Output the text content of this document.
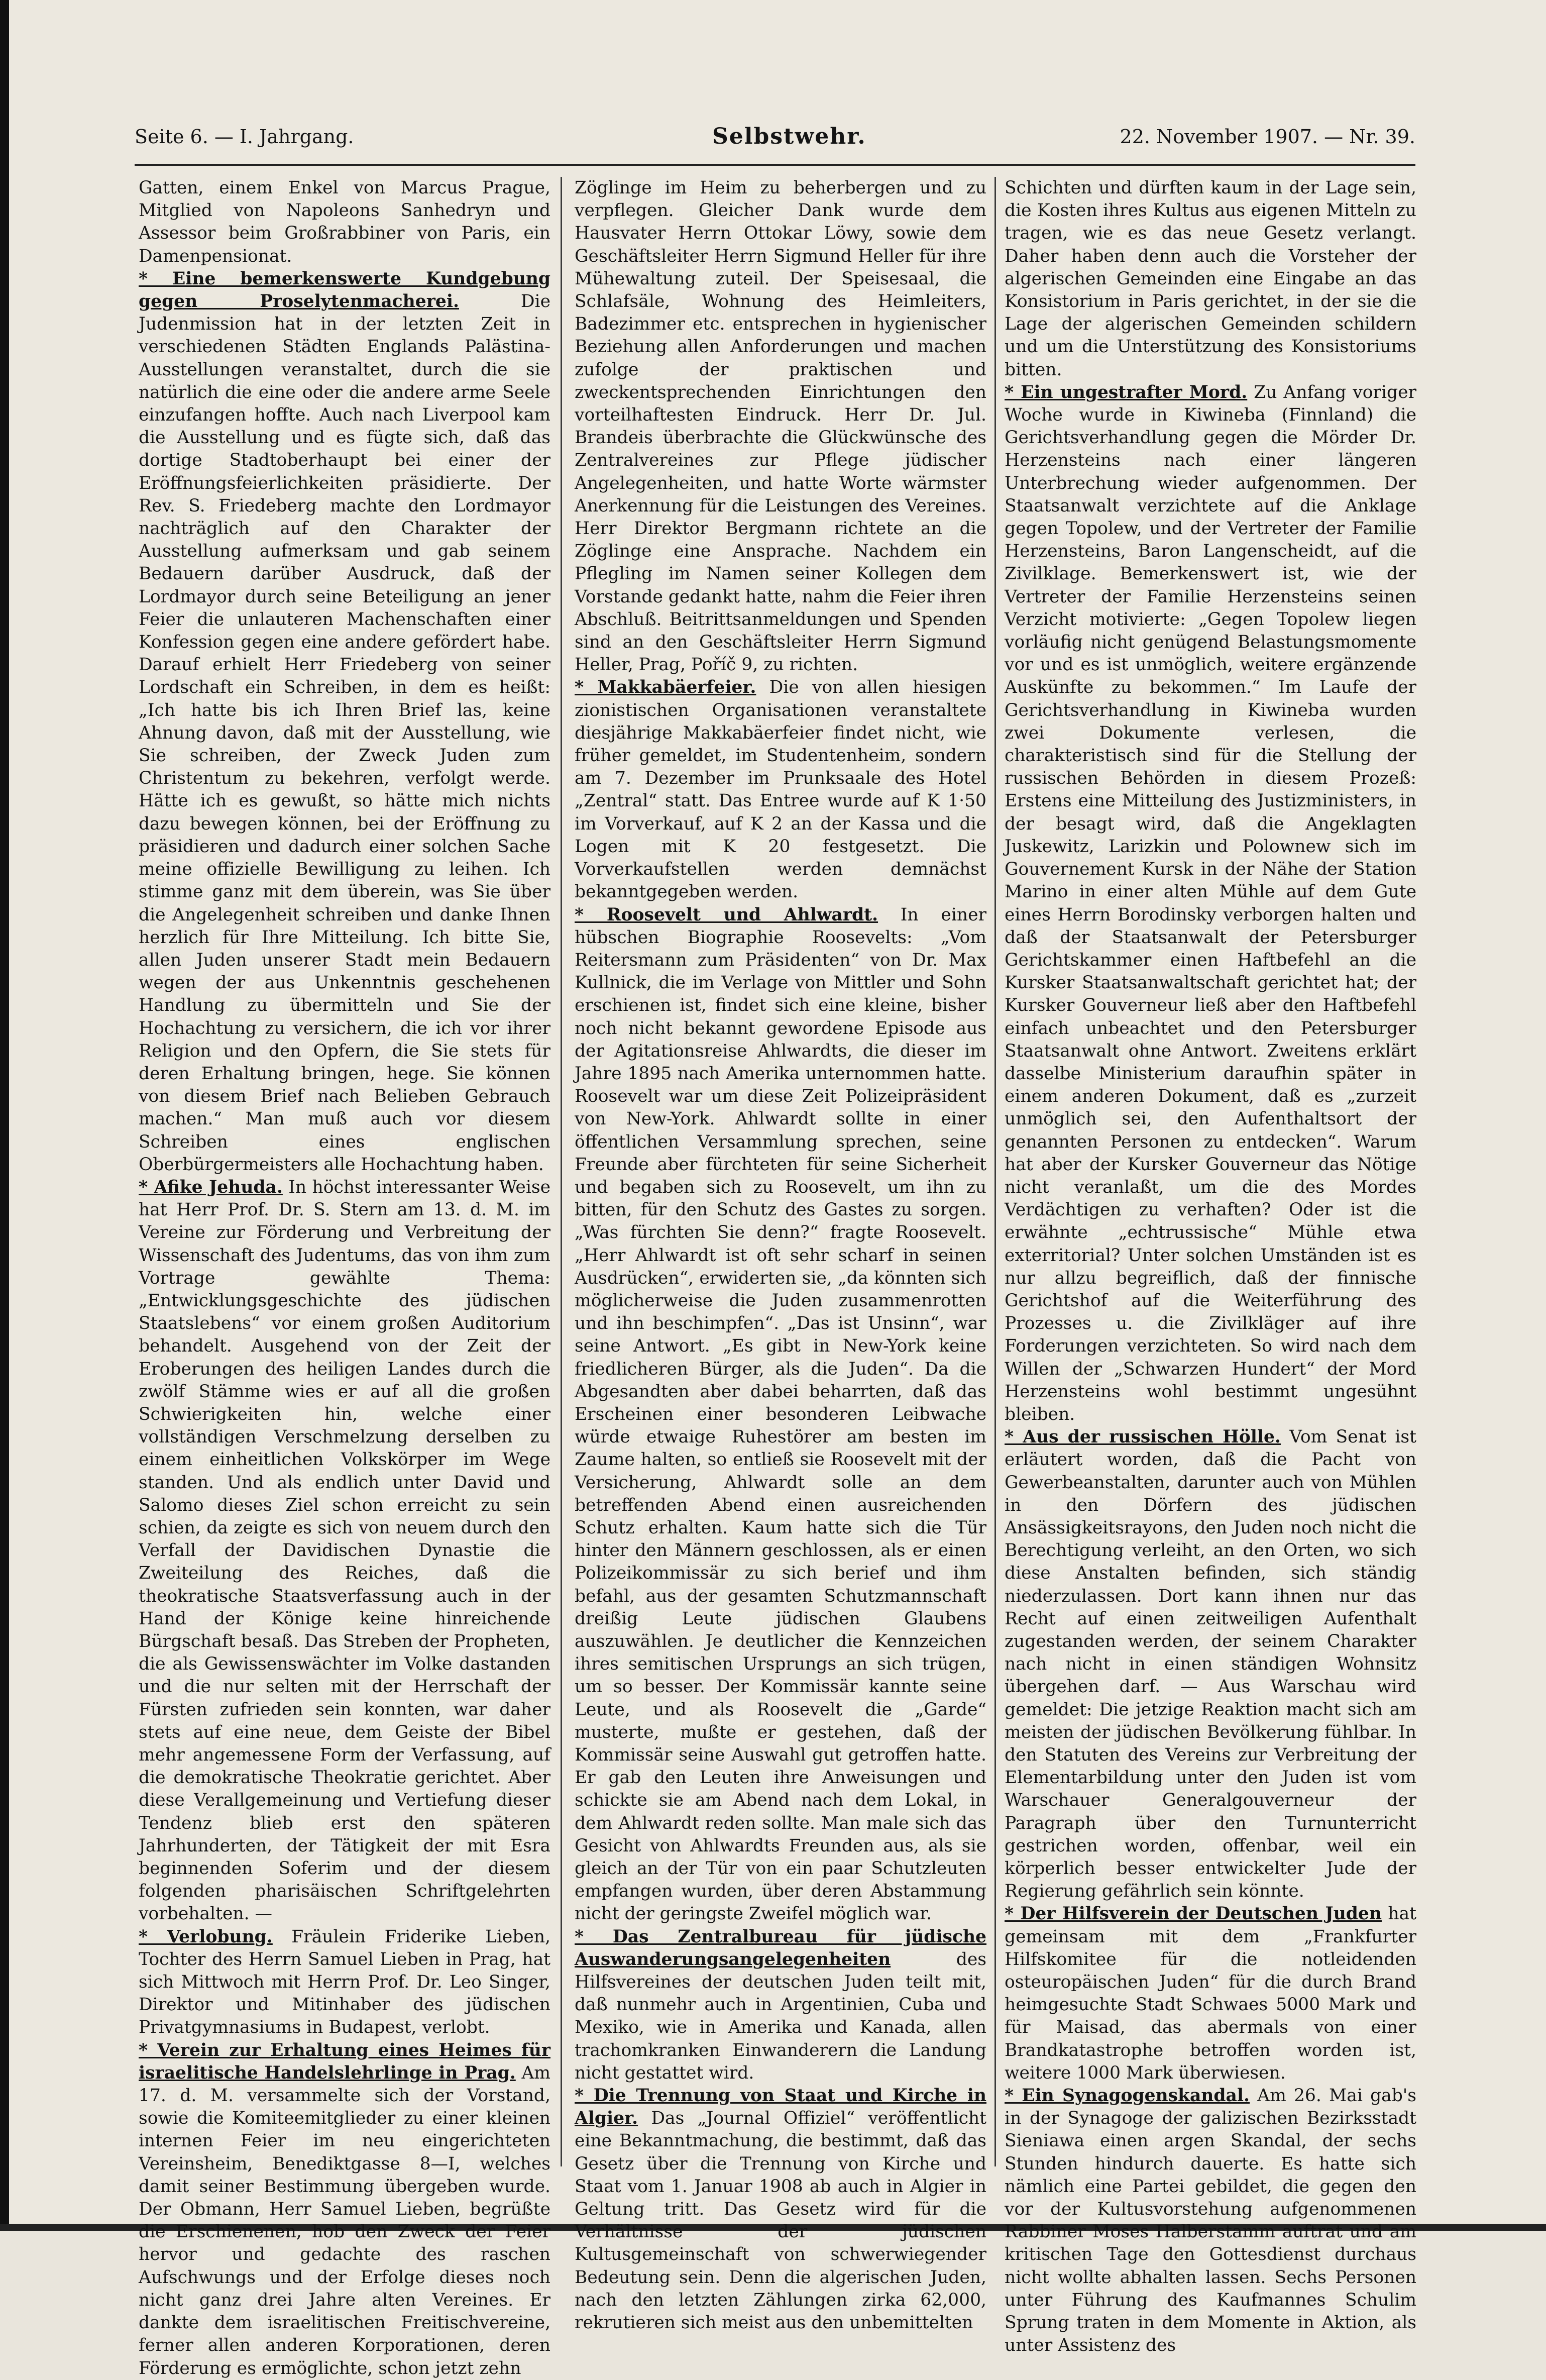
Seite 6. — I. Jahrgang.	Selbstwehr.	22. November 1907. — Nr. 39.

Gatten, einem Enkel von Marcus Prague, Mitglied von Napoleons Sanhedryn und Assessor beim Großrabbiner von Paris, ein Damenpensionat.

* Eine bemerkenswerte Kundgebung gegen Proselytenmacherei. Die Judenmission hat in der letzten Zeit in verschiedenen Städten Englands Palästina-Ausstellungen veranstaltet, durch die sie natürlich die eine oder die andere arme Seele einzufangen hoffte. Auch nach Liverpool kam die Ausstellung und es fügte sich, daß das dortige Stadtoberhaupt bei einer der Eröffnungsfeierlichkeiten präsidierte. Der Rev. S. Friedeberg machte den Lordmayor nachträglich auf den Charakter der Ausstellung aufmerksam und gab seinem Bedauern darüber Ausdruck, daß der Lordmayor durch seine Beteiligung an jener Feier die unlauteren Machenschaften einer Konfession gegen eine andere gefördert habe. Darauf erhielt Herr Friedeberg von seiner Lordschaft ein Schreiben, in dem es heißt: „Ich hatte bis ich Ihren Brief las, keine Ahnung davon, daß mit der Ausstellung, wie Sie schreiben, der Zweck Juden zum Christentum zu bekehren, verfolgt werde. Hätte ich es gewußt, so hätte mich nichts dazu bewegen können, bei der Eröffnung zu präsidieren und dadurch einer solchen Sache meine offizielle Bewilligung zu leihen. Ich stimme ganz mit dem überein, was Sie über die Angelegenheit schreiben und danke Ihnen herzlich für Ihre Mitteilung. Ich bitte Sie, allen Juden unserer Stadt mein Bedauern wegen der aus Unkenntnis geschehenen Handlung zu übermitteln und Sie der Hochachtung zu versichern, die ich vor ihrer Religion und den Opfern, die Sie stets für deren Erhaltung bringen, hege. Sie können von diesem Brief nach Belieben Gebrauch machen.“ Man muß auch vor diesem Schreiben eines englischen Oberbürgermeisters alle Hochachtung haben.

* Afike Jehuda. In höchst interessanter Weise hat Herr Prof. Dr. S. Stern am 13. d. M. im Vereine zur Förderung und Verbreitung der Wissenschaft des Judentums, das von ihm zum Vortrage gewählte Thema: „Entwicklungsgeschichte des jüdischen Staatslebens“ vor einem großen Auditorium behandelt. Ausgehend von der Zeit der Eroberungen des heiligen Landes durch die zwölf Stämme wies er auf all die großen Schwierigkeiten hin, welche einer vollständigen Verschmelzung derselben zu einem einheitlichen Volkskörper im Wege standen. Und als endlich unter David und Salomo dieses Ziel schon erreicht zu sein schien, da zeigte es sich von neuem durch den Verfall der Davidischen Dynastie die Zweiteilung des Reiches, daß die theokratische Staatsverfassung auch in der Hand der Könige keine hinreichende Bürgschaft besaß. Das Streben der Propheten, die als Gewissenswächter im Volke dastanden und die nur selten mit der Herrschaft der Fürsten zufrieden sein konnten, war daher stets auf eine neue, dem Geiste der Bibel mehr angemessene Form der Verfassung, auf die demokratische Theokratie gerichtet. Aber diese Verallgemeinung und Vertiefung dieser Tendenz blieb erst den späteren Jahrhunderten, der Tätigkeit der mit Esra beginnenden Soferim und der diesem folgenden pharisäischen Schriftgelehrten vorbehalten. —

* Verlobung. Fräulein Friderike Lieben, Tochter des Herrn Samuel Lieben in Prag, hat sich Mittwoch mit Herrn Prof. Dr. Leo Singer, Direktor und Mitinhaber des jüdischen Privatgymnasiums in Budapest, verlobt.

* Verein zur Erhaltung eines Heimes für israelitische Handelslehrlinge in Prag. Am 17. d. M. versammelte sich der Vorstand, sowie die Komiteemitglieder zu einer kleinen internen Feier im neu eingerichteten Vereinsheim, Benediktgasse 8—I, welches damit seiner Bestimmung übergeben wurde. Der Obmann, Herr Samuel Lieben, begrüßte die Erschienenen, hob den Zweck der Feier hervor und gedachte des raschen Aufschwungs und der Erfolge dieses noch nicht ganz drei Jahre alten Vereines. Er dankte dem israelitischen Freitischvereine, ferner allen anderen Korporationen, deren Förderung es ermöglichte, schon jetzt zehn

Zöglinge im Heim zu beherbergen und zu verpflegen. Gleicher Dank wurde dem Hausvater Herrn Ottokar Löwy, sowie dem Geschäftsleiter Herrn Sigmund Heller für ihre Mühewaltung zuteil. Der Speisesaal, die Schlafsäle, Wohnung des Heimleiters, Badezimmer etc. entsprechen in hygienischer Beziehung allen Anforderungen und machen zufolge der praktischen und zweckentsprechenden Einrichtungen den vorteilhaftesten Eindruck. Herr Dr. Jul. Brandeis überbrachte die Glückwünsche des Zentralvereines zur Pflege jüdischer Angelegenheiten, und hatte Worte wärmster Anerkennung für die Leistungen des Vereines. Herr Direktor Bergmann richtete an die Zöglinge eine Ansprache. Nachdem ein Pflegling im Namen seiner Kollegen dem Vorstande gedankt hatte, nahm die Feier ihren Abschluß. Beitrittsanmeldungen und Spenden sind an den Geschäftsleiter Herrn Sigmund Heller, Prag, Poříč 9, zu richten.

* Makkabäerfeier. Die von allen hiesigen zionistischen Organisationen veranstaltete diesjährige Makkabäerfeier findet nicht, wie früher gemeldet, im Studentenheim, sondern am 7. Dezember im Prunksaale des Hotel „Zentral“ statt. Das Entree wurde auf K 1·50 im Vorverkauf, auf K 2 an der Kassa und die Logen mit K 20 festgesetzt. Die Vorverkaufstellen werden demnächst bekanntgegeben werden.

* Roosevelt und Ahlwardt. In einer hübschen Biographie Roosevelts: „Vom Reitersmann zum Präsidenten“ von Dr. Max Kullnick, die im Verlage von Mittler und Sohn erschienen ist, findet sich eine kleine, bisher noch nicht bekannt gewordene Episode aus der Agitationsreise Ahlwardts, die dieser im Jahre 1895 nach Amerika unternommen hatte. Roosevelt war um diese Zeit Polizeipräsident von New-York. Ahlwardt sollte in einer öffentlichen Versammlung sprechen, seine Freunde aber fürchteten für seine Sicherheit und begaben sich zu Roosevelt, um ihn zu bitten, für den Schutz des Gastes zu sorgen. „Was fürchten Sie denn?“ fragte Roosevelt. „Herr Ahlwardt ist oft sehr scharf in seinen Ausdrücken“, erwiderten sie, „da könnten sich möglicherweise die Juden zusammenrotten und ihn beschimpfen“. „Das ist Unsinn“, war seine Antwort. „Es gibt in New-York keine friedlicheren Bürger, als die Juden“. Da die Abgesandten aber dabei beharrten, daß das Erscheinen einer besonderen Leibwache würde etwaige Ruhestörer am besten im Zaume halten, so entließ sie Roosevelt mit der Versicherung, Ahlwardt solle an dem betreffenden Abend einen ausreichenden Schutz erhalten. Kaum hatte sich die Tür hinter den Männern geschlossen, als er einen Polizeikommissär zu sich berief und ihm befahl, aus der gesamten Schutzmannschaft dreißig Leute jüdischen Glaubens auszuwählen. Je deutlicher die Kennzeichen ihres semitischen Ursprungs an sich trügen, um so besser. Der Kommissär kannte seine Leute, und als Roosevelt die „Garde“ musterte, mußte er gestehen, daß der Kommissär seine Auswahl gut getroffen hatte. Er gab den Leuten ihre Anweisungen und schickte sie am Abend nach dem Lokal, in dem Ahlwardt reden sollte. Man male sich das Gesicht von Ahlwardts Freunden aus, als sie gleich an der Tür von ein paar Schutzleuten empfangen wurden, über deren Abstammung nicht der geringste Zweifel möglich war.

* Das Zentralbureau für jüdische Auswanderungsangelegenheiten des Hilfsvereines der deutschen Juden teilt mit, daß nunmehr auch in Argentinien, Cuba und Mexiko, wie in Amerika und Kanada, allen trachomkranken Einwanderern die Landung nicht gestattet wird.

* Die Trennung von Staat und Kirche in Algier. Das „Journal Offiziel“ veröffentlicht eine Bekanntmachung, die bestimmt, daß das Gesetz über die Trennung von Kirche und Staat vom 1. Januar 1908 ab auch in Algier in Geltung tritt. Das Gesetz wird für die Verhältnisse der jüdischen Kultusgemeinschaft von schwerwiegender Bedeutung sein. Denn die algerischen Juden, nach den letzten Zählungen zirka 62,000, rekrutieren sich meist aus den unbemittelten

Schichten und dürften kaum in der Lage sein, die Kosten ihres Kultus aus eigenen Mitteln zu tragen, wie es das neue Gesetz verlangt. Daher haben denn auch die Vorsteher der algerischen Gemeinden eine Eingabe an das Konsistorium in Paris gerichtet, in der sie die Lage der algerischen Gemeinden schildern und um die Unterstützung des Konsistoriums bitten.

* Ein ungestrafter Mord. Zu Anfang voriger Woche wurde in Kiwineba (Finnland) die Gerichtsverhandlung gegen die Mörder Dr. Herzensteins nach einer längeren Unterbrechung wieder aufgenommen. Der Staatsanwalt verzichtete auf die Anklage gegen Topolew, und der Vertreter der Familie Herzensteins, Baron Langenscheidt, auf die Zivilklage. Bemerkenswert ist, wie der Vertreter der Familie Herzensteins seinen Verzicht motivierte: „Gegen Topolew liegen vorläufig nicht genügend Belastungsmomente vor und es ist unmöglich, weitere ergänzende Auskünfte zu bekommen.“ Im Laufe der Gerichtsverhandlung in Kiwineba wurden zwei Dokumente verlesen, die charakteristisch sind für die Stellung der russischen Behörden in diesem Prozeß: Erstens eine Mitteilung des Justizministers, in der besagt wird, daß die Angeklagten Juskewitz, Larizkin und Polownew sich im Gouvernement Kursk in der Nähe der Station Marino in einer alten Mühle auf dem Gute eines Herrn Borodinsky verborgen halten und daß der Staatsanwalt der Petersburger Gerichtskammer einen Haftbefehl an die Kursker Staatsanwaltschaft gerichtet hat; der Kursker Gouverneur ließ aber den Haftbefehl einfach unbeachtet und den Petersburger Staatsanwalt ohne Antwort. Zweitens erklärt dasselbe Ministerium daraufhin später in einem anderen Dokument, daß es „zurzeit unmöglich sei, den Aufenthaltsort der genannten Personen zu entdecken“. Warum hat aber der Kursker Gouverneur das Nötige nicht veranlaßt, um die des Mordes Verdächtigen zu verhaften? Oder ist die erwähnte „echtrussische“ Mühle etwa exterritorial? Unter solchen Umständen ist es nur allzu begreiflich, daß der finnische Gerichtshof auf die Weiterführung des Prozesses u. die Zivilkläger auf ihre Forderungen verzichteten. So wird nach dem Willen der „Schwarzen Hundert“ der Mord Herzensteins wohl bestimmt ungesühnt bleiben.

* Aus der russischen Hölle. Vom Senat ist erläutert worden, daß die Pacht von Gewerbeanstalten, darunter auch von Mühlen in den Dörfern des jüdischen Ansässigkeitsrayons, den Juden noch nicht die Berechtigung verleiht, an den Orten, wo sich diese Anstalten befinden, sich ständig niederzulassen. Dort kann ihnen nur das Recht auf einen zeitweiligen Aufenthalt zugestanden werden, der seinem Charakter nach nicht in einen ständigen Wohnsitz übergehen darf. — Aus Warschau wird gemeldet: Die jetzige Reaktion macht sich am meisten der jüdischen Bevölkerung fühlbar. In den Statuten des Vereins zur Verbreitung der Elementarbildung unter den Juden ist vom Warschauer Generalgouverneur der Paragraph über den Turnunterricht gestrichen worden, offenbar, weil ein körperlich besser entwickelter Jude der Regierung gefährlich sein könnte.

* Der Hilfsverein der Deutschen Juden hat gemeinsam mit dem „Frankfurter Hilfskomitee für die notleidenden osteuropäischen Juden“ für die durch Brand heimgesuchte Stadt Schwaes 5000 Mark und für Maisad, das abermals von einer Brandkatastrophe betroffen worden ist, weitere 1000 Mark überwiesen.

* Ein Synagogenskandal. Am 26. Mai gab's in der Synagoge der galizischen Bezirksstadt Sieniawa einen argen Skandal, der sechs Stunden hindurch dauerte. Es hatte sich nämlich eine Partei gebildet, die gegen den vor der Kultusvorstehung aufgenommenen Rabbiner Moses Halberstamm auftrat und am kritischen Tage den Gottesdienst durchaus nicht wollte abhalten lassen. Sechs Personen unter Führung des Kaufmannes Schulim Sprung traten in dem Momente in Aktion, als unter Assistenz des
